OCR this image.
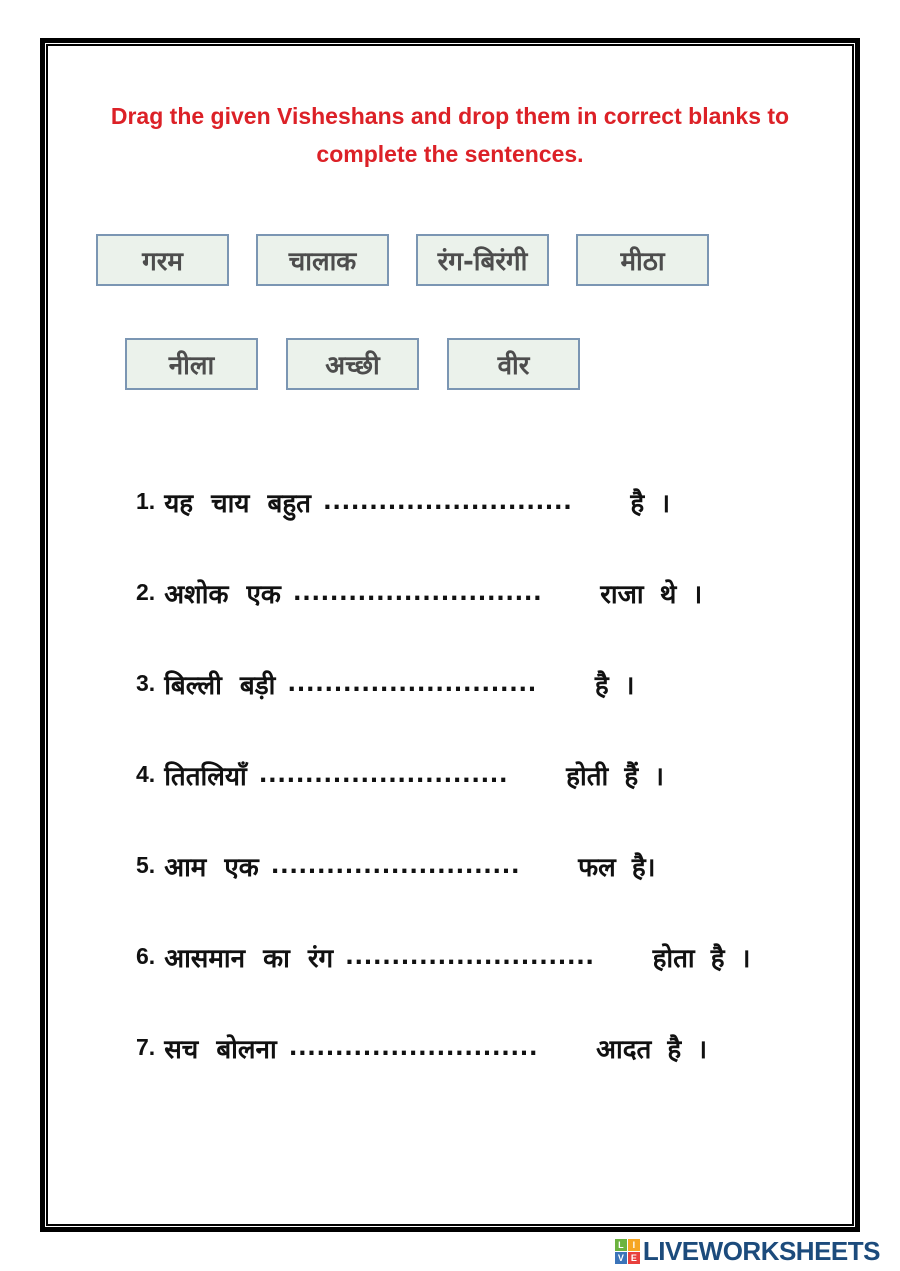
Drag the given Visheshans and drop them in correct blanks to complete the sentences.
गरम	चालाक	रंग-बिरंगी	मीठा
नीला	अच्छी	वीर
1. यह चाय बहुत ........................... है ।
2. अशोक एक ........................... राजा थे ।
3. बिल्ली बड़ी ........................... है ।
4. तितलियाँ ........................... होती हैं ।
5. आम एक ........................... फल है।
6. आसमान का रंग ........................... होता है ।
7. सच बोलना ........................... आदत है ।
L I
V E LIVEWORKSHEETS
